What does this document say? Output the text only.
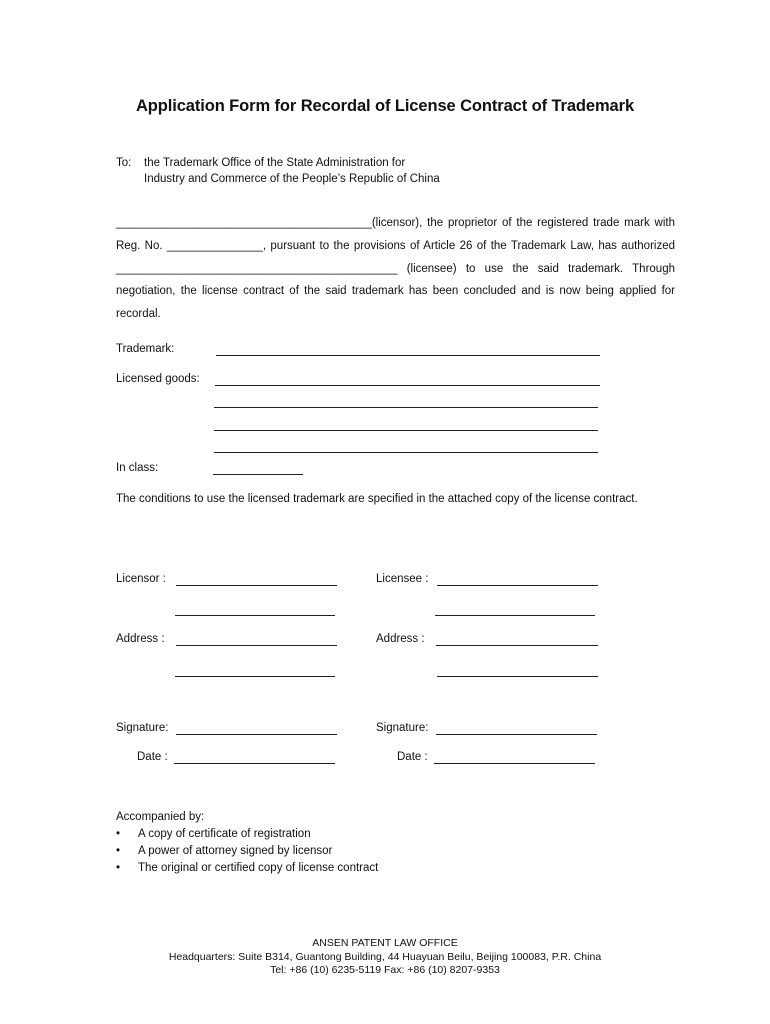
Application Form for Recordal of License Contract of Trademark
To: the Trademark Office of the State Administration for
Industry and Commerce of the People’s Republic of China
________________________________________(licensor), the proprietor of the registered trade mark with Reg. No. _______________, pursuant to the provisions of Article 26 of the Trademark Law, has authorized ____________________________________________ (licensee) to use the said trademark. Through negotiation, the license contract of the said trademark has been concluded and is now being applied for recordal.
Trademark:
Licensed goods:
In class:
The conditions to use the licensed trademark are specified in the attached copy of the license contract.
Licensor :	Licensee :
Address :	Address :
Signature:	Signature:
Date :	Date :
Accompanied by:
• A copy of certificate of registration
• A power of attorney signed by licensor
• The original or certified copy of license contract
ANSEN PATENT LAW OFFICE
Headquarters: Suite B314, Guantong Building, 44 Huayuan Beilu, Beijing 100083, P.R. China
Tel: +86 (10) 6235-5119 Fax: +86 (10) 8207-9353
